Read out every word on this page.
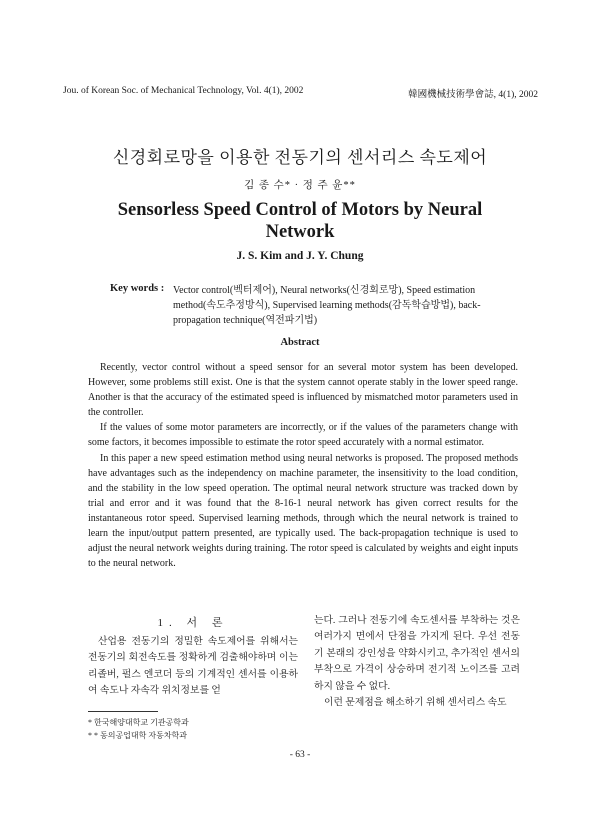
Jou. of Korean Soc. of Mechanical Technology, Vol. 4(1), 2002	韓國機械技術學會誌, 4(1), 2002
신경회로망을 이용한 전동기의 센서리스 속도제어
김 종 수* · 정 주 윤**
Sensorless Speed Control of Motors by Neural Network
J. S. Kim and J. Y. Chung
Key words : Vector control(벡터제어), Neural networks(신경회로망), Speed estimation method(속도추정방식), Supervised learning methods(감독학습방법), back-propagation technique(역전파기법)
Abstract

Recently, vector control without a speed sensor for an several motor system has been developed. However, some problems still exist. One is that the system cannot operate stably in the lower speed range. Another is that the accuracy of the estimated speed is influenced by mismatched motor parameters used in the controller.

If the values of some motor parameters are incorrectly, or if the values of the parameters change with some factors, it becomes impossible to estimate the rotor speed accurately with a normal estimator.

In this paper a new speed estimation method using neural networks is proposed. The proposed methods have advantages such as the independency on machine parameter, the insensitivity to the load condition, and the stability in the low speed operation. The optimal neural network structure was tracked down by trial and error and it was found that the 8-16-1 neural network has given correct results for the instantaneous rotor speed. Supervised learning methods, through which the neural network is trained to learn the input/output pattern presented, are typically used. The back-propagation technique is used to adjust the neural network weights during training. The rotor speed is calculated by weights and eight inputs to the neural network.

1. 서 론

산업용 전동기의 정밀한 속도제어를 위해서는 전동기의 회전속도를 정확하게 검출해야하며 이는 리졸버, 펄스 엔코더 등의 기계적인 센서를 이용하여 속도나 자속각 위치정보를 얻

는다. 그러나 전동기에 속도센서를 부착하는 것은 여러가지 면에서 단점을 가지게 된다. 우선 전동기 본래의 강인성을 약화시키고, 추가적인 센서의 부착으로 가격이 상승하며 전기적 노이즈를 고려하지 않을 수 없다.

이런 문제점을 해소하기 위해 센서리스 속도

* 한국해양대학교 기관공학과
* * 동의공업대학 자동차학과
- 63 -
